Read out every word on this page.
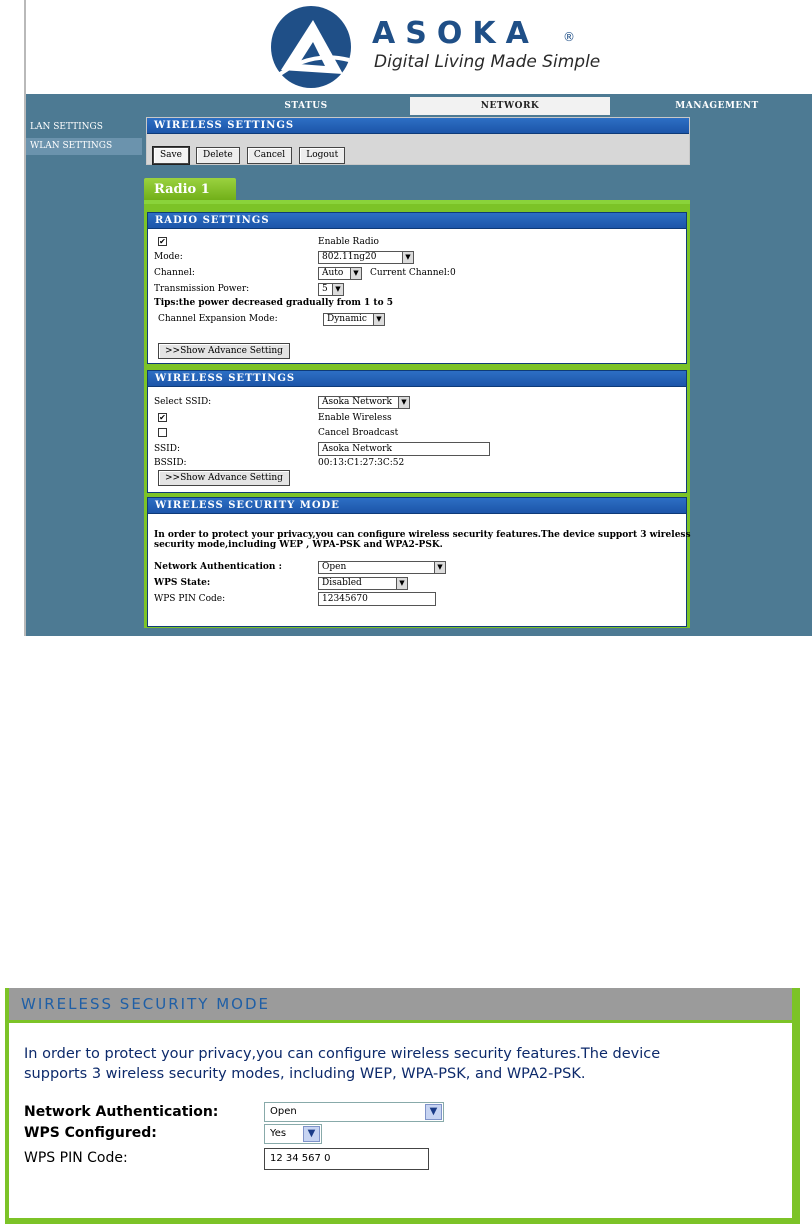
ASOKA ®
Digital Living Made Simple
STATUS	NETWORK	MANAGEMENT
LAN SETTINGS
WLAN SETTINGS
WIRELESS SETTINGS
Save Delete Cancel Logout
Radio 1
RADIO SETTINGS
✔	Enable Radio
Mode:	802.11ng20	▼
Channel:	Auto	▼ Current Channel: 0
Transmission Power:	5	▼
Tips:the power decreased gradually from 1 to 5
Channel Expansion Mode:	Dynamic	▼
>>Show Advance Setting
WIRELESS SETTINGS
Select SSID:	Asoka Network	▼
✔	Enable Wireless
Cancel Broadcast
SSID:	Asoka Network
BSSID:	00:13:C1:27:3C:52
>>Show Advance Setting
WIRELESS SECURITY MODE
In order to protect your privacy,you can configure wireless security features.The device support 3 wireless
security mode,including WEP , WPA-PSK and WPA2-PSK.
Network Authentication :	Open	▼
WPS State:	Disabled	▼
WPS PIN Code:	12345670
WIRELESS SECURITY MODE
In order to protect your privacy,you can configure wireless security features.The device
supports 3 wireless security modes, including WEP, WPA-PSK, and WPA2-PSK.
Network Authentication:	Open	▼
WPS Configured:	Yes	▼
WPS PIN Code:	12 34 567 0
